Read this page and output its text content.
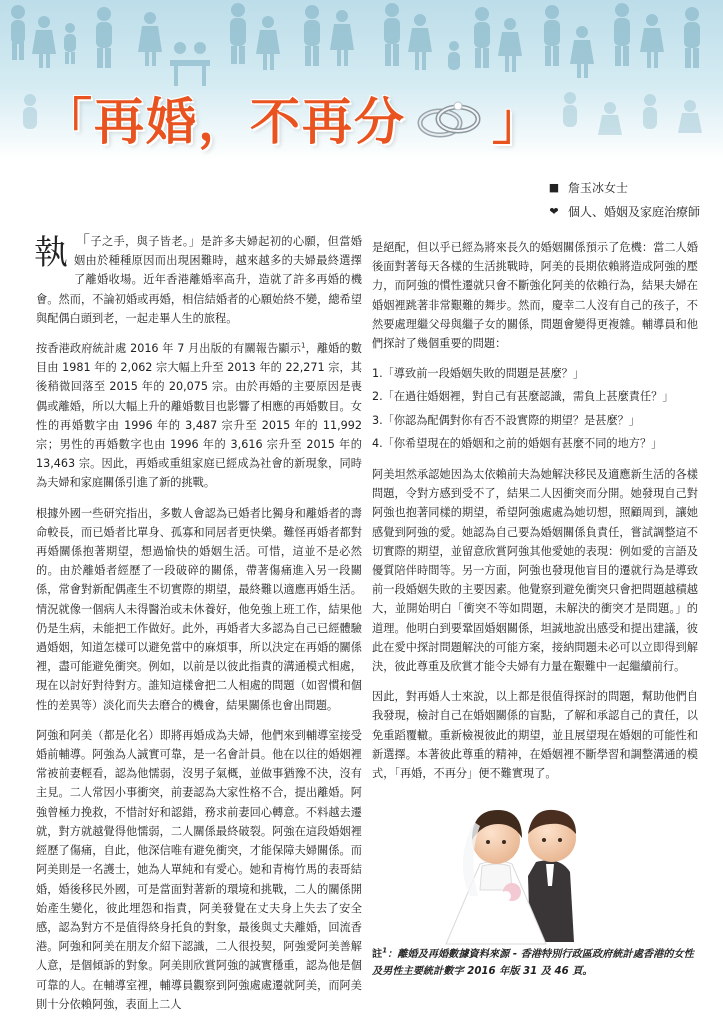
「再婚，不再分 」
■ 詹玉冰女士
❤ 個人、婚姻及家庭治療師

「
執 子之手，與子皆老。」是許多夫婦起初的心願，但當婚姻由於種種原因而出現困難時，越來越多的夫婦最終選擇了離婚收場。近年香港離婚率高升，造就了許多再婚的機會。然而，不論初婚或再婚，相信結婚者的心願始終不變，總希望與配偶白頭到老，一起走畢人生的旅程。

按香港政府統計處 2016 年 7 月出版的有關報告顯示$^1$，離婚的數目由 1981 年的 2,062 宗大幅上升至 2013 年的 22,271 宗，其後稍微回落至 2015 年的 20,075 宗。由於再婚的主要原因是喪偶或離婚，所以大幅上升的離婚數目也影響了相應的再婚數目。女性的再婚數字由 1996 年的 3,487 宗升至 2015 年的 11,992 宗；男性的再婚數字也由 1996 年的 3,616 宗升至 2015 年的 13,463 宗。因此，再婚或重組家庭已經成為社會的新現象，同時為夫婦和家庭關係引進了新的挑戰。

根據外國一些研究指出，多數人會認為已婚者比獨身和離婚者的壽命較長，而已婚者比單身、孤寡和同居者更快樂。難怪再婚者都對再婚關係抱著期望，想過愉快的婚姻生活。可惜，這並不是必然的。由於離婚者經歷了一段破碎的關係，帶著傷痛進入另一段關係，常會對新配偶產生不切實際的期望，最終難以適應再婚生活。情況就像一個病人未得醫治或未休養好，他免強上班工作，結果他仍是生病，未能把工作做好。此外，再婚者大多認為自己已經體驗過婚姻，知道怎樣可以避免當中的麻煩事，所以決定在再婚的關係裡，盡可能避免衝突。例如，以前是以彼此指責的溝通模式相處，現在以討好對待對方。誰知這樣會把二人相處的問題（如習慣和個性的差異等）淡化而失去磨合的機會，結果關係也會出問題。

阿強和阿美（都是化名）即將再婚成為夫婦，他們來到輔導室接受婚前輔導。阿強為人誠實可靠，是一名會計員。他在以往的婚姻裡常被前妻輕看，認為他懦弱，沒男子氣概，並做事猶豫不決，沒有主見。二人常因小事衝突，前妻認為大家性格不合，提出離婚。阿強曾極力挽救，不惜討好和認錯，務求前妻回心轉意。不料越去遷就，對方就越覺得他懦弱，二人關係最終破裂。阿強在這段婚姻裡經歷了傷痛，自此，他深信唯有避免衝突，才能保障夫婦關係。而阿美則是一名護士，她為人單純和有愛心。她和青梅竹馬的表哥結婚，婚後移民外國，可是當面對著新的環境和挑戰，二人的關係開始產生變化，彼此埋怨和指責，阿美發覺在丈夫身上失去了安全感，認為對方不是值得終身托負的對象，最後與丈夫離婚，回流香港。阿強和阿美在朋友介紹下認識，二人很投契，阿強愛阿美善解人意，是個傾訴的對象。阿美則欣賞阿強的誠實穩重，認為他是個可靠的人。在輔導室裡，輔導員觀察到阿強處處遷就阿美，而阿美則十分依賴阿強，表面上二人

是絕配，但以乎已經為將來長久的婚姻關係預示了危機：當二人婚後面對著每天各樣的生活挑戰時，阿美的長期依賴將造成阿強的壓力，而阿強的慣性遷就只會不斷強化阿美的依賴行為，結果夫婦在婚姻裡跳著非常艱難的舞步。然而，慶幸二人沒有自己的孩子，不然要處理繼父母與繼子女的關係，問題會變得更複雜。輔導員和他們探討了幾個重要的問題：

1.「導致前一段婚姻失敗的問題是甚麼？」
2.「在過往婚姻裡，對自己有甚麼認識，需負上甚麼責任？」
3.「你認為配偶對你有否不設實際的期望？是甚麼？」
4.「你希望現在的婚姻和之前的婚姻有甚麼不同的地方？」

阿美坦然承認她因為太依賴前夫為她解決移民及適應新生活的各樣問題，令對方感到受不了，結果二人因衝突而分開。她發現自己對阿強也抱著同樣的期望，希望阿強處處為她切想，照顧周到，讓她感覺到阿強的愛。她認為自己要為婚姻關係負責任，嘗試調整這不切實際的期望，並留意欣賞阿強其他愛她的表現：例如愛的言語及優質陪伴時間等。另一方面，阿強也發現他盲目的遷就行為是導致前一段婚姻失敗的主要因素。他覺察到避免衝突只會把問題越積越大，並開始明白「衝突不等如問題，未解決的衝突才是問題。」的道理。他明白到要鞏固婚姻關係，坦誠地說出感受和提出建議，彼此在愛中探討問題解決的可能方案，接納問題未必可以立即得到解決，彼此尊重及欣賞才能令夫婦有力量在艱難中一起繼續前行。

因此，對再婚人士來說，以上都是很值得探討的問題，幫助他們自我發現，檢討自己在婚姻關係的盲點，了解和承認自己的責任，以免重蹈覆轍。重新檢視彼此的期望，並且展望現在婚姻的可能性和新選擇。本著彼此尊重的精神，在婚姻裡不斷學習和調整溝通的模式，「再婚，不再分」便不難實現了。

註$^1$：離婚及再婚數據資料來源 - 香港特別行政區政府統計處香港的女性及男性主要統計數字 2016 年版 31 及 46 頁。
